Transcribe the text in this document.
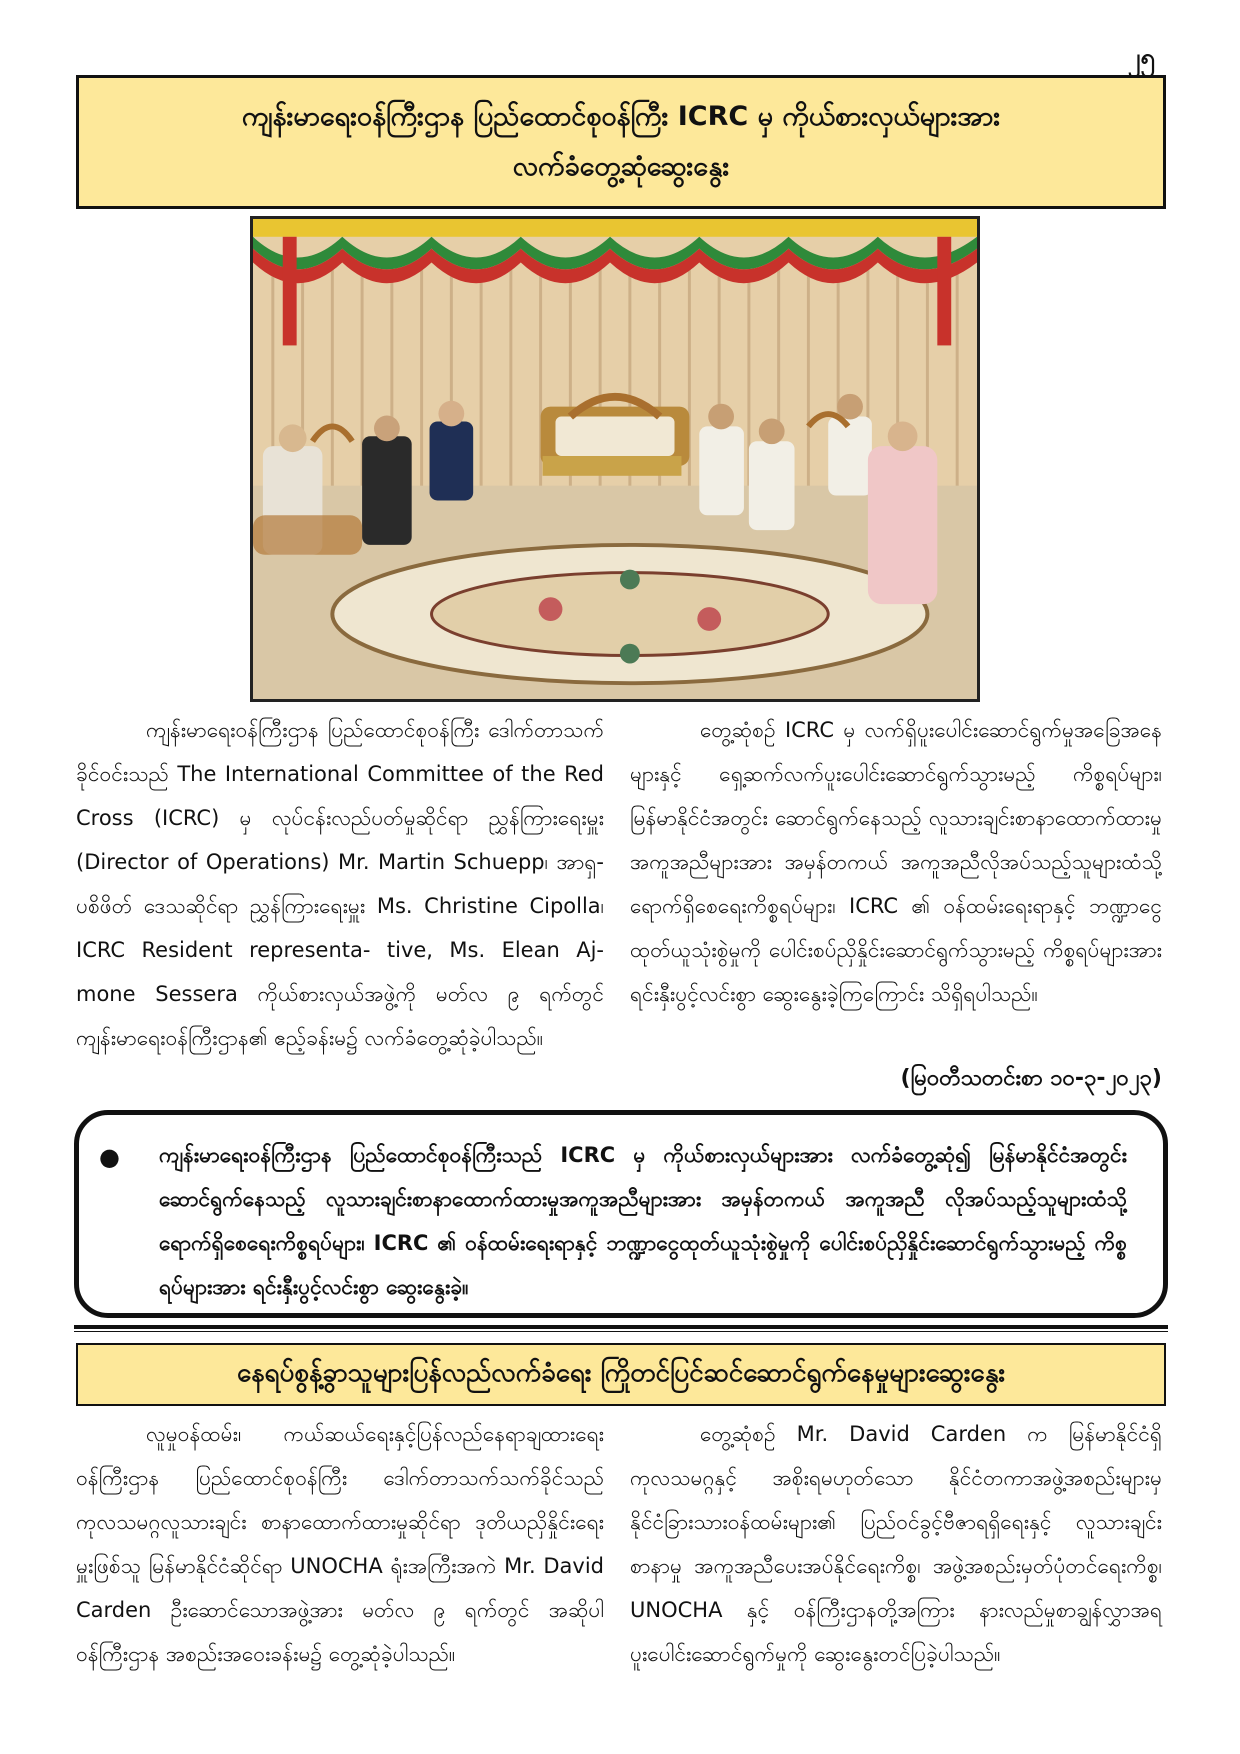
၂၅
ကျန်းမာရေးဝန်ကြီးဌာန ပြည်ထောင်စုဝန်ကြီး ICRC မှ ကိုယ်စားလှယ်များအား
လက်ခံတွေ့ဆုံဆွေးနွေး

ကျန်းမာရေးဝန်ကြီးဌာန ပြည်ထောင်စုဝန်ကြီး ဒေါက်တာသက်ခိုင်ဝင်းသည် The International Committee of the Red Cross (ICRC) မှ လုပ်ငန်းလည်ပတ်မှုဆိုင်ရာ ညွှန်ကြားရေးမှူး (Director of Operations) Mr. Martin Schuepp၊ အာရှ-ပစိဖိတ် ဒေသဆိုင်ရာ ညွှန်ကြားရေးမှူး Ms. Christine Cipolla၊ ICRC Resident representa- tive, Ms. Elean Aj- mone Sessera ကိုယ်စားလှယ်အဖွဲ့ကို မတ်လ ၉ ရက်တွင် ကျန်းမာရေးဝန်ကြီးဌာန၏ ဧည့်ခန်းမ၌ လက်ခံတွေ့ဆုံခဲ့ပါသည်။

တွေ့ဆုံစဉ် ICRC မှ လက်ရှိပူးပေါင်းဆောင်ရွက်မှုအခြေအနေများနှင့် ရှေ့ဆက်လက်ပူးပေါင်းဆောင်ရွက်သွားမည့် ကိစ္စရပ်များ၊ မြန်မာနိုင်ငံအတွင်း ဆောင်ရွက်နေသည့် လူသားချင်းစာနာထောက်ထားမှုအကူအညီများအား အမှန်တကယ် အကူအညီလိုအပ်သည့်သူများထံသို့ ရောက်ရှိစေရေးကိစ္စရပ်များ၊ ICRC ၏ ဝန်ထမ်းရေးရာနှင့် ဘဏ္ဍာငွေထုတ်ယူသုံးစွဲမှုကို ပေါင်းစပ်ညှိနှိုင်းဆောင်ရွက်သွားမည့် ကိစ္စရပ်များအား ရင်းနှီးပွင့်လင်းစွာ ဆွေးနွေးခဲ့ကြကြောင်း သိရှိရပါသည်။

(မြဝတီသတင်းစာ ၁၀-၃-၂၀၂၃)
● ကျန်းမာရေးဝန်ကြီးဌာန ပြည်ထောင်စုဝန်ကြီးသည် ICRC မှ ကိုယ်စားလှယ်များအား လက်ခံတွေ့ဆုံ၍ မြန်မာနိုင်ငံအတွင်း ဆောင်ရွက်နေသည့် လူသားချင်းစာနာထောက်ထားမှုအကူအညီများအား အမှန်တကယ် အကူအညီ လိုအပ်သည့်သူများထံသို့ ရောက်ရှိစေရေးကိစ္စရပ်များ၊ ICRC ၏ ဝန်ထမ်းရေးရာနှင့် ဘဏ္ဍာငွေထုတ်ယူသုံးစွဲမှုကို ပေါင်းစပ်ညှိနှိုင်းဆောင်ရွက်သွားမည့် ကိစ္စရပ်များအား ရင်းနှီးပွင့်လင်းစွာ ဆွေးနွေးခဲ့။
နေရပ်စွန့်ခွာသူများပြန်လည်လက်ခံရေး ကြိုတင်ပြင်ဆင်ဆောင်ရွက်နေမှုများဆွေးနွေး

လူမှုဝန်ထမ်း၊ ကယ်ဆယ်ရေးနှင့်ပြန်လည်နေရာချထားရေးဝန်ကြီးဌာန ပြည်ထောင်စုဝန်ကြီး ဒေါက်တာသက်သက်ခိုင်သည် ကုလသမဂ္ဂလူသားချင်း စာနာထောက်ထားမှုဆိုင်ရာ ဒုတိယညှိနှိုင်းရေးမှူးဖြစ်သူ မြန်မာနိုင်ငံဆိုင်ရာ UNOCHA ရုံးအကြီးအကဲ Mr. David Carden ဦးဆောင်သောအဖွဲ့အား မတ်လ ၉ ရက်တွင် အဆိုပါဝန်ကြီးဌာန အစည်းအဝေးခန်းမ၌ တွေ့ဆုံခဲ့ပါသည်။

တွေ့ဆုံစဉ် Mr. David Carden က မြန်မာနိုင်ငံရှိ ကုလသမဂ္ဂနှင့် အစိုးရမဟုတ်သော နိုင်ငံတကာအဖွဲ့အစည်းများမှ နိုင်ငံခြားသားဝန်ထမ်းများ၏ ပြည်ဝင်ခွင့်ဗီဇာရရှိရေးနှင့် လူသားချင်းစာနာမှု အကူအညီပေးအပ်နိုင်ရေးကိစ္စ၊ အဖွဲ့အစည်းမှတ်ပုံတင်ရေးကိစ္စ၊ UNOCHA နှင့် ဝန်ကြီးဌာနတို့အကြား နားလည်မှုစာချွန်လွှာအရ ပူးပေါင်းဆောင်ရွက်မှုကို ဆွေးနွေးတင်ပြခဲ့ပါသည်။
